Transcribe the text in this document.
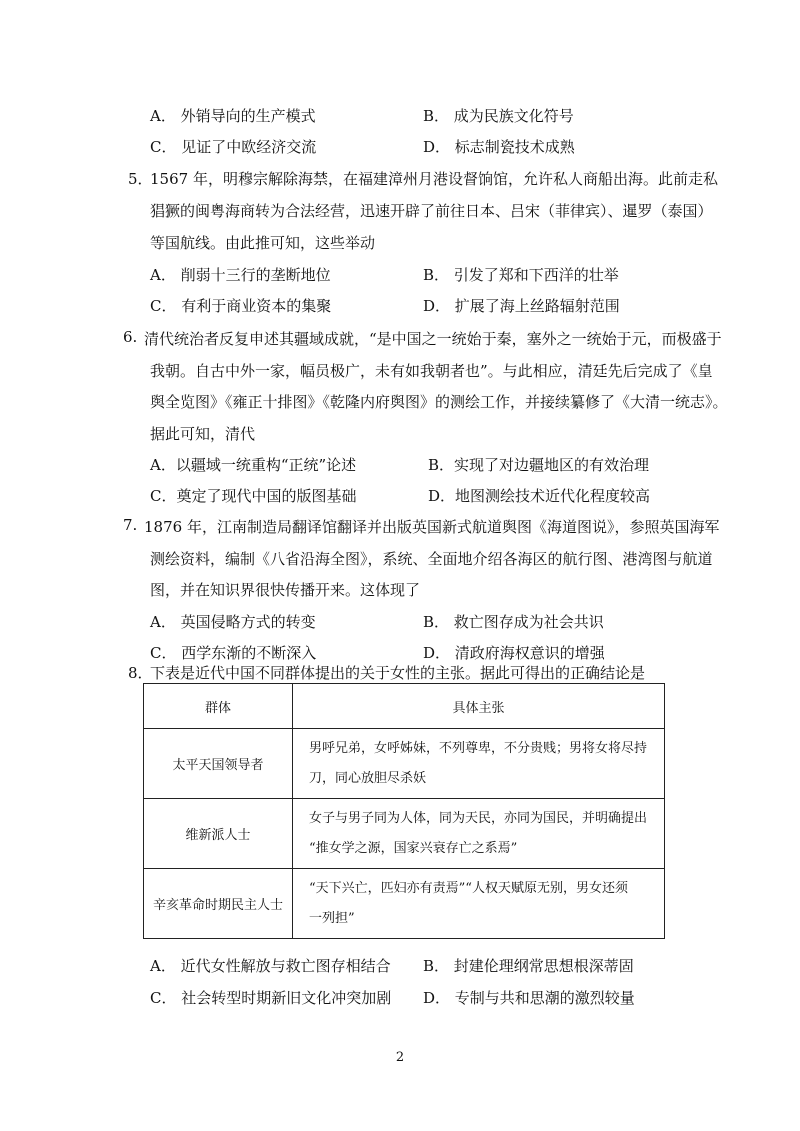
A． 外销导向的生产模式	B． 成为民族文化符号
C． 见证了中欧经济交流	D． 标志制瓷技术成熟
5．
1567 年，明穆宗解除海禁，在福建漳州月港设督饷馆，允许私人商船出海。此前走私
猖獗的闽粤海商转为合法经营，迅速开辟了前往日本、吕宋（菲律宾）、暹罗（泰国）
等国航线。由此推可知，这些举动
A． 削弱十三行的垄断地位	B． 引发了郑和下西洋的壮举
C． 有利于商业资本的集聚	D． 扩展了海上丝路辐射范围
6. 清代统治者反复申述其疆域成就，“是中国之一统始于秦，塞外之一统始于元，而极盛于
我朝。自古中外一家，幅员极广，未有如我朝者也”。与此相应，清廷先后完成了《皇
舆全览图》《雍正十排图》《乾隆内府舆图》的测绘工作，并接续纂修了《大清一统志》。
据此可知，清代
A．以疆域一统重构“正统”论述	B．实现了对边疆地区的有效治理
C．奠定了现代中国的版图基础	D．地图测绘技术近代化程度较高
7. 1876 年，江南制造局翻译馆翻译并出版英国新式航道舆图《海道图说》，参照英国海军
测绘资料，编制《八省沿海全图》，系统、全面地介绍各海区的航行图、港湾图与航道
图，并在知识界很快传播开来。这体现了
A． 英国侵略方式的转变	B． 救亡图存成为社会共识
C． 西学东渐的不断深入	D． 清政府海权意识的增强
8．
下表是近代中国不同群体提出的关于女性的主张。据此可得出的正确结论是
群体	具体主张
太平天国领导者	男呼兄弟，女呼姊妹，不列尊卑，不分贵贱；男将女将尽持
刀，同心放胆尽杀妖

维新派人士	女子与男子同为人体，同为天民，亦同为国民，并明确提出
“推女学之源，国家兴衰存亡之系焉”

辛亥革命时期民主人士	“天下兴亡，匹妇亦有责焉”“人权天赋原无别，男女还须
一列担”
A． 近代女性解放与救亡图存相结合 B． 封建伦理纲常思想根深蒂固
C． 社会转型时期新旧文化冲突加剧 D． 专制与共和思潮的激烈较量
2
